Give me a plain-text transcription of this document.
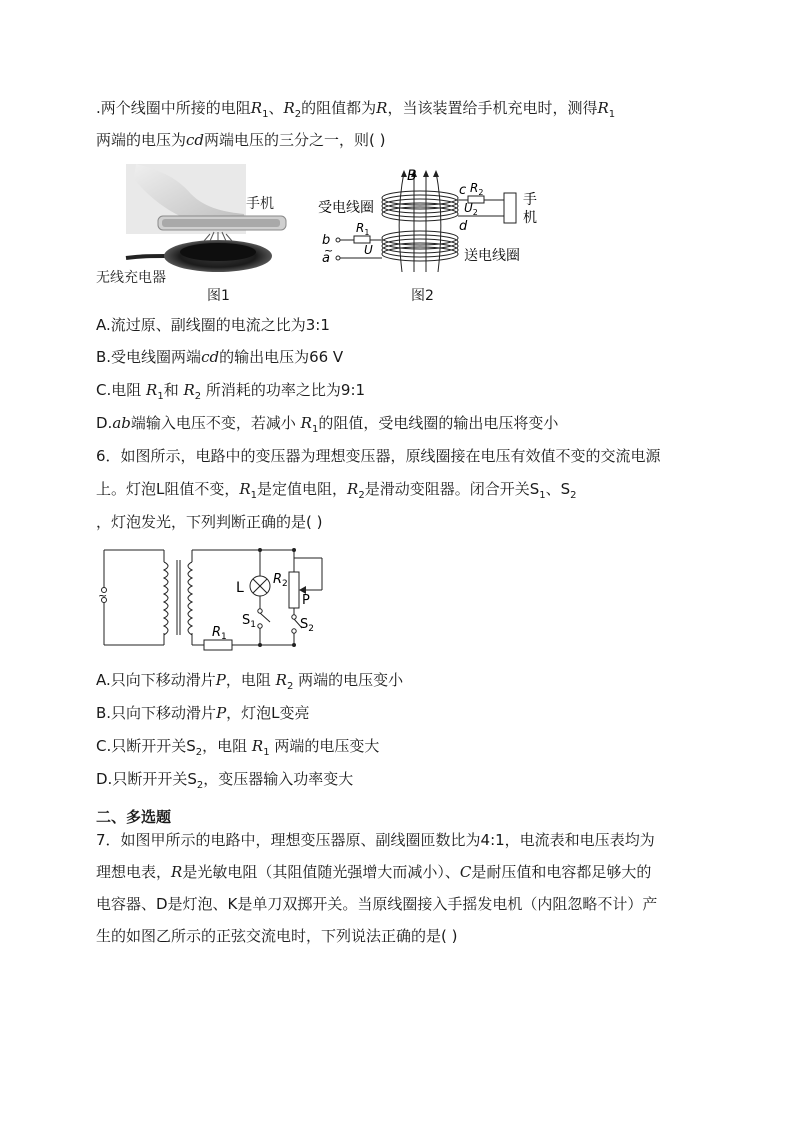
.两个线圈中所接的电阻$R_1$、$R_2$的阻值都为R，当该装置给手机充电时，测得$R_1$
两端的电压为cd两端电压的三分之一，则( )
手机
无线充电器
图1
B
受电线圈
送电线圈
c
d
$R_2$
$U_2$
手
机
b
a
~
$R_1$
U
图2
A.流过原、副线圈的电流之比为3:1
B.受电线圈两端cd的输出电压为66 V
C.电阻 $R_1$和 $R_2$ 所消耗的功率之比为9:1
D.ab端输入电压不变，若减小 $R_1$的阻值，受电线圈的输出电压将变小
6．如图所示，电路中的变压器为理想变压器，原线圈接在电压有效值不变的交流电源
上。灯泡L阻值不变，$R_1$是定值电阻，$R_2$是滑动变阻器。闭合开关$S_1$、$S_2$
，灯泡发光，下列判断正确的是( )
~	L
$R_2$
P
$S_1$	$S_2$
$R_1$
A.只向下移动滑片P，电阻 $R_2$ 两端的电压变小
B.只向下移动滑片P，灯泡L变亮
C.只断开开关$S_2$，电阻 $R_1$ 两端的电压变大
D.只断开开关$S_2$，变压器输入功率变大
二、多选题
7．如图甲所示的电路中，理想变压器原、副线圈匝数比为4:1，电流表和电压表均为
理想电表，R是光敏电阻（其阻值随光强增大而减小）、C是耐压值和电容都足够大的
电容器、D是灯泡、K是单刀双掷开关。当原线圈接入手摇发电机（内阻忽略不计）产
生的如图乙所示的正弦交流电时，下列说法正确的是( )
